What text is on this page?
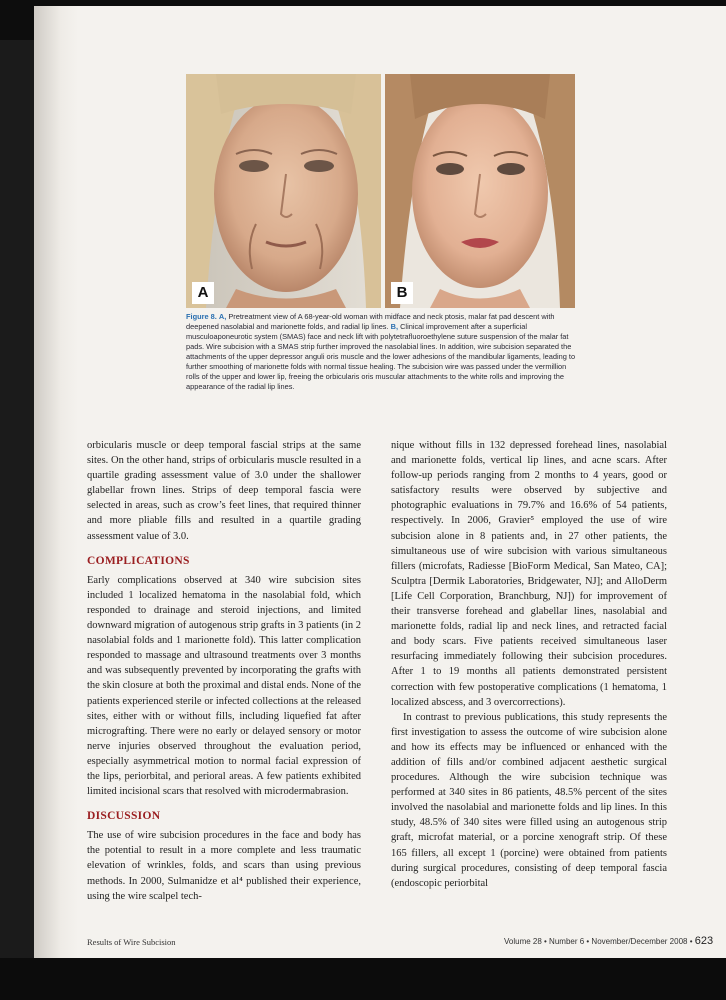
A	B
Figure 8. A, Pretreatment view of A 68-year-old woman with midface and neck ptosis, malar fat pad descent with deepened nasolabial and marionette folds, and radial lip lines. B, Clinical improvement after a superficial musculoaponeurotic system (SMAS) face and neck lift with polytetrafluoroethylene suture suspension of the malar fat pads. Wire subcision with a SMAS strip further improved the nasolabial lines. In addition, wire subcision separated the attachments of the upper depressor anguli oris muscle and the lower adhesions of the mandibular ligaments, leading to further smoothing of marionette folds with normal tissue healing. The subcision wire was passed under the vermillion rolls of the upper and lower lip, freeing the orbicularis oris muscular attachments to the white rolls and improving the appearance of the radial lip lines.

orbicularis muscle or deep temporal fascial strips at the same sites. On the other hand, strips of orbicularis muscle resulted in a quartile grading assessment value of 3.0 under the shallower glabellar frown lines. Strips of deep temporal fascia were selected in areas, such as crow’s feet lines, that required thinner and more pliable fills and resulted in a quartile grading assessment value of 3.0.

COMPLICATIONS

Early complications observed at 340 wire subcision sites included 1 localized hematoma in the nasolabial fold, which responded to drainage and steroid injections, and limited downward migration of autogenous strip grafts in 3 patients (in 2 nasolabial folds and 1 marionette fold). This latter complication responded to massage and ultrasound treatments over 3 months and was subsequently prevented by incorporating the grafts with the skin closure at both the proximal and distal ends. None of the patients experienced sterile or infected collections at the released sites, either with or without fills, including liquefied fat after micrografting. There were no early or delayed sensory or motor nerve injuries observed throughout the evaluation period, especially asymmetrical motion to normal facial expression of the lips, periorbital, and perioral areas. A few patients exhibited limited incisional scars that resolved with microdermabrasion.

DISCUSSION

The use of wire subcision procedures in the face and body has the potential to result in a more complete and less traumatic elevation of wrinkles, folds, and scars than using previous methods. In 2000, Sulmanidze et al⁴ published their experience, using the wire scalpel tech-

nique without fills in 132 depressed forehead lines, nasolabial and marionette folds, vertical lip lines, and acne scars. After follow-up periods ranging from 2 months to 4 years, good or satisfactory results were observed by subjective and photographic evaluations in 79.7% and 16.6% of 54 patients, respectively. In 2006, Gravier⁵ employed the use of wire subcision alone in 8 patients and, in 27 other patients, the simultaneous use of wire subcision with various simultaneous fillers (microfats, Radiesse [BioForm Medical, San Mateo, CA]; Sculptra [Dermik Laboratories, Bridgewater, NJ]; and AlloDerm [Life Cell Corporation, Branchburg, NJ]) for improvement of their transverse forehead and glabellar lines, nasolabial and marionette folds, radial lip and neck lines, and retracted facial and body scars. Five patients received simultaneous laser resurfacing immediately following their subcision procedures. After 1 to 19 months all patients demonstrated persistent correction with few postoperative complications (1 hematoma, 1 localized abscess, and 3 overcorrections).

In contrast to previous publications, this study represents the first investigation to assess the outcome of wire subcision alone and how its effects may be influenced or enhanced with the addition of fills and/or combined adjacent aesthetic surgical procedures. Although the wire subcision technique was performed at 340 sites in 86 patients, 48.5% percent of the sites involved the nasolabial and marionette folds and lip lines. In this study, 48.5% of 340 sites were filled using an autogenous strip graft, microfat material, or a porcine xenograft strip. Of these 165 fillers, all except 1 (porcine) were obtained from patients during surgical procedures, consisting of deep temporal fascia (endoscopic periorbital

Results of Wire Subcision	Volume 28 • Number 6 • November/December 2008 • 623
